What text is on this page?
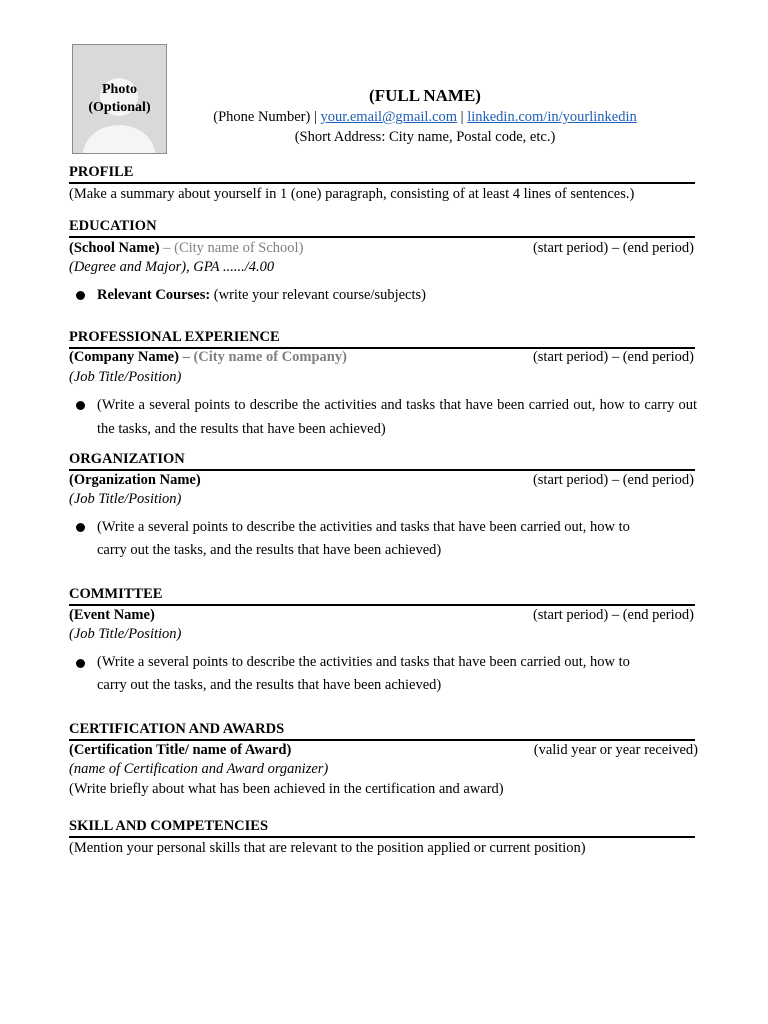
Photo
(Optional)
(FULL NAME)
(Phone Number) | your.email@gmail.com | linkedin.com/in/yourlinkedin
(Short Address: City name, Postal code, etc.)
PROFILE
(Make a summary about yourself in 1 (one) paragraph, consisting of at least 4 lines of sentences.)
EDUCATION
(School Name) – (City name of School)	(start period) – (end period)
(Degree and Major), GPA ....../4.00
Relevant Courses: (write your relevant course/subjects)
PROFESSIONAL EXPERIENCE
(Company Name) – (City name of Company)	(start period) – (end period)
(Job Title/Position)
(Write a several points to describe the activities and tasks that have been carried out, how to carry out the tasks, and the results that have been achieved)
ORGANIZATION
(Organization Name)	(start period) – (end period)
(Job Title/Position)
(Write a several points to describe the activities and tasks that have been carried out, how to
carry out the tasks, and the results that have been achieved)
COMMITTEE
(Event Name)	(start period) – (end period)
(Job Title/Position)
(Write a several points to describe the activities and tasks that have been carried out, how to
carry out the tasks, and the results that have been achieved)
CERTIFICATION AND AWARDS
(Certification Title/ name of Award)	(valid year or year received)
(name of Certification and Award organizer)
(Write briefly about what has been achieved in the certification and award)
SKILL AND COMPETENCIES
(Mention your personal skills that are relevant to the position applied or current position)
